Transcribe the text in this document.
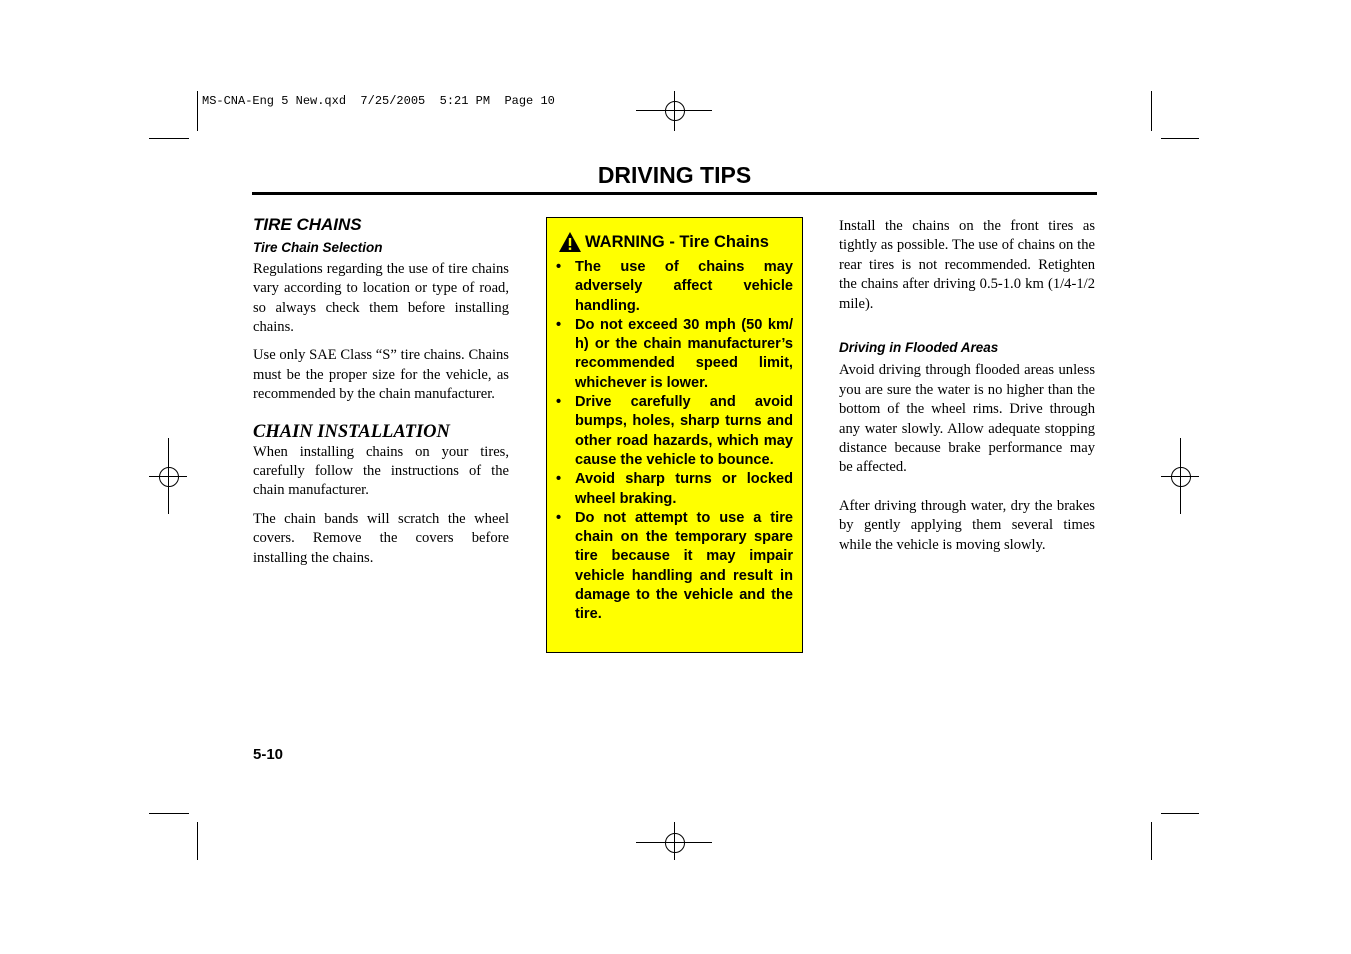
MS-CNA-Eng 5 New.qxd  7/25/2005  5:21 PM  Page 10
DRIVING TIPS
TIRE CHAINS
Tire Chain Selection

Regulations regarding the use of tire chains vary according to location or type of road, so always check them before installing chains.

Use only SAE Class “S” tire chains. Chains must be the proper size for the vehicle, as recommended by the chain manufacturer.

CHAIN INSTALLATION

When installing chains on your tires, carefully follow the instructions of the chain manufacturer.

The chain bands will scratch the wheel covers. Remove the covers before installing the chains.

WARNING - Tire Chains
• The use of chains may adversely affect vehicle handling.
• Do not exceed 30 mph (50 km/ h) or the chain manufacturer’s recommended speed limit, whichever is lower.
• Drive carefully and avoid bumps, holes, sharp turns and other road hazards, which may cause the vehicle to bounce.
• Avoid sharp turns or locked wheel braking.
• Do not attempt to use a tire chain on the temporary spare tire because it may impair vehicle handling and result in damage to the vehicle and the tire.

Install the chains on the front tires as tightly as possible. The use of chains on the rear tires is not recommended. Retighten the chains after driving 0.5-1.0 km (1/4-1/2 mile).

Driving in Flooded Areas

Avoid driving through flooded areas unless you are sure the water is no higher than the bottom of the wheel rims. Drive through any water slowly. Allow adequate stopping distance because brake performance may be affected.

After driving through water, dry the brakes by gently applying them several times while the vehicle is moving slowly.

5-10
